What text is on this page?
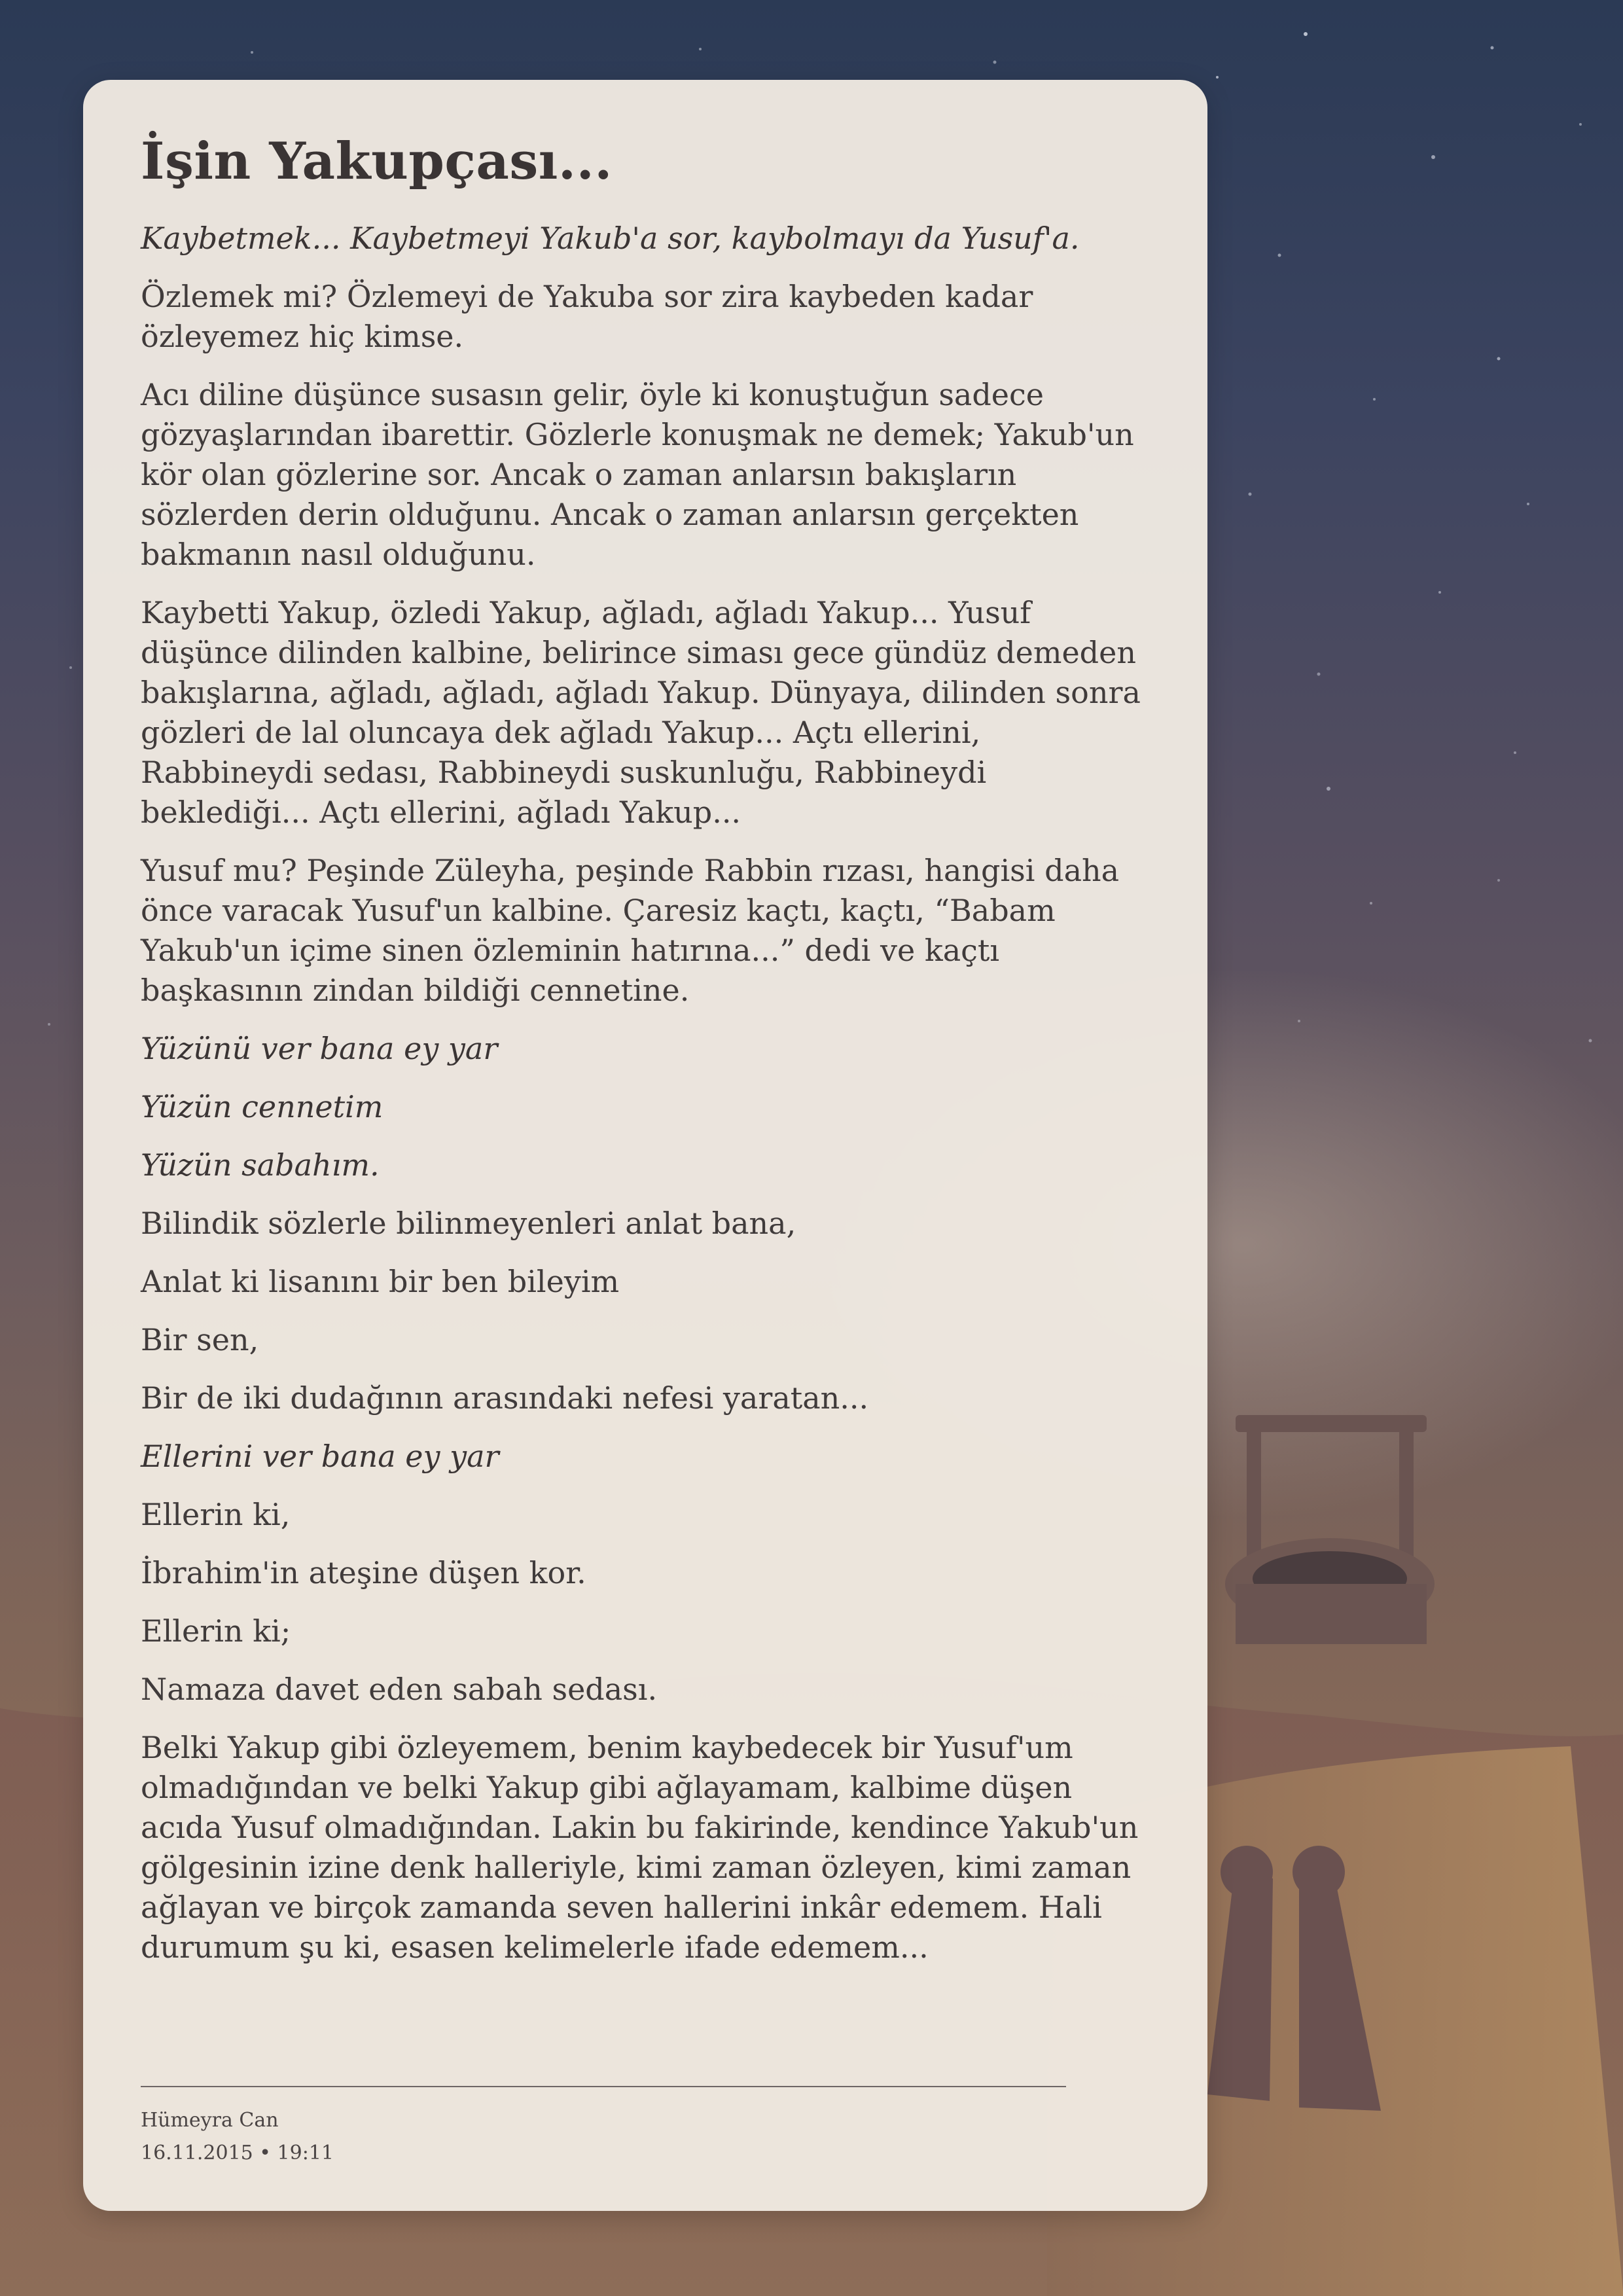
İşin Yakupçası...

Kaybetmek... Kaybetmeyi Yakub'a sor, kaybolmayı da Yusuf'a.

Özlemek mi? Özlemeyi de Yakuba sor zira kaybeden kadar özleyemez hiç kimse.

Acı diline düşünce susasın gelir, öyle ki konuştuğun sadece gözyaşlarından ibarettir. Gözlerle konuşmak ne demek; Yakub'un kör olan gözlerine sor. Ancak o zaman anlarsın bakışların sözlerden derin olduğunu. Ancak o zaman anlarsın gerçekten bakmanın nasıl olduğunu.

Kaybetti Yakup, özledi Yakup, ağladı, ağladı Yakup... Yusuf düşünce dilinden kalbine, belirince siması gece gündüz demeden bakışlarına, ağladı, ağladı, ağladı Yakup. Dünyaya, dilinden sonra gözleri de lal oluncaya dek ağladı Yakup... Açtı ellerini, Rabbineydi sedası, Rabbineydi suskunluğu, Rabbineydi beklediği... Açtı ellerini, ağladı Yakup...

Yusuf mu? Peşinde Züleyha, peşinde Rabbin rızası, hangisi daha önce varacak Yusuf'un kalbine. Çaresiz kaçtı, kaçtı, “Babam Yakub'un içime sinen özleminin hatırına...” dedi ve kaçtı başkasının zindan bildiği cennetine.

Yüzünü ver bana ey yar

Yüzün cennetim

Yüzün sabahım.

Bilindik sözlerle bilinmeyenleri anlat bana,

Anlat ki lisanını bir ben bileyim

Bir sen,

Bir de iki dudağının arasındaki nefesi yaratan...

Ellerini ver bana ey yar

Ellerin ki,

İbrahim'in ateşine düşen kor.

Ellerin ki;

Namaza davet eden sabah sedası.

Belki Yakup gibi özleyemem, benim kaybedecek bir Yusuf'um olmadığından ve belki Yakup gibi ağlayamam, kalbime düşen acıda Yusuf olmadığından. Lakin bu fakirinde, kendince Yakub'un gölgesinin izine denk halleriyle, kimi zaman özleyen, kimi zaman ağlayan ve birçok zamanda seven hallerini inkâr edemem. Hali durumum şu ki, esasen kelimelerle ifade edemem...

Hümeyra Can
16.11.2015 • 19:11
